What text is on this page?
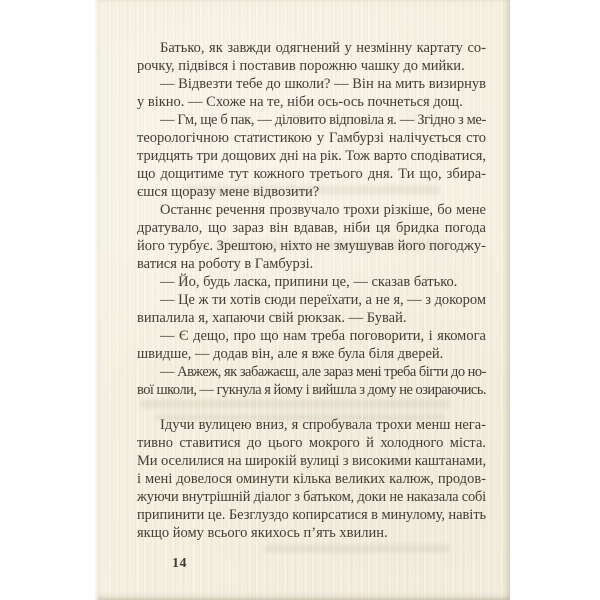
Батько, як завжди одягнений у незмінну картату со-
рочку, підвівся і поставив порожню чашку до мийки.
— Відвезти тебе до школи? — Він на мить визирнув
у вікно. — Схоже на те, ніби ось-ось почнеться дощ.
— Гм, ще б пак, — діловито відповіла я. — Згідно з ме-
теорологічною статистикою у Гамбурзі налічується сто
тридцять три дощових дні на рік. Тож варто сподіватися,
що дощитиме тут кожного третього дня. Ти що, збира-
єшся щоразу мене відвозити?
Останнє речення прозвучало трохи різкіше, бо мене
дратувало, що зараз він вдавав, ніби ця бридка погода
його турбує. Зрештою, ніхто не змушував його погоджу-
ватися на роботу в Гамбурзі.
— Йо, будь ласка, припини це, — сказав батько.
— Це ж ти хотів сюди переїхати, а не я, — з докором
випалила я, хапаючи свій рюкзак. — Бувай.
— Є дещо, про що нам треба поговорити, і якомога
швидше, — додав він, але я вже була біля дверей.
— Авжеж, як забажаєш, але зараз мені треба бігти до но-
вої школи, — гукнула я йому і вийшла з дому не озираючись.
Ідучи вулицею вниз, я спробувала трохи менш нега-
тивно ставитися до цього мокрого й холодного міста.
Ми оселилися на широкій вулиці з високими каштанами,
і мені довелося оминути кілька великих калюж, продов-
жуючи внутрішній діалог з батьком, доки не наказала собі
припинити це. Безглуздо копирсатися в минулому, навіть
якщо йому всього якихось п’ять хвилин.
14
